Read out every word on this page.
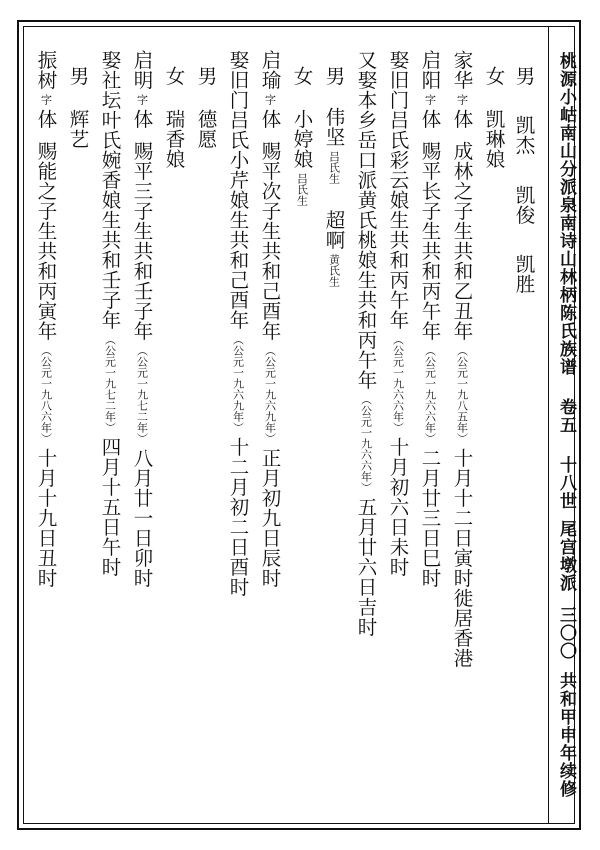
桃源小岵南山分派泉南诗山林柄陈氏族谱卷五十八世尾宫墩派三〇〇共和甲申年续修
男凯杰凯俊凯胜
女凯琳娘
家华字体成林之子生共和乙丑年（公元一九八五年）十月十二日寅时徙居香港
启阳字体赐平长子生共和丙午年（公元一九六六年）二月廿三日巳时
娶旧门吕氏彩云娘生共和丙午年（公元一九六六年）十月初六日未时
又娶本乡岳口派黄氏桃娘生共和丙午年（公元一九六六年）五月廿六日吉时
男伟坚吕氏生超啊黄氏生
女小婷娘吕氏生
启瑜字体赐平次子生共和己酉年（公元一九六九年）正月初九日辰时
娶旧门吕氏小芹娘生共和己酉年（公元一九六九年）十二月初二日酉时
男德愿
女瑞香娘
启明字体赐平三子生共和壬子年（公元一九七二年）八月廿一日卯时
娶社坛叶氏婉香娘生共和壬子年（公元一九七二年）四月十五日午时
男辉艺
振树字体赐能之子生共和丙寅年（公元一九八六年）十月十九日丑时
